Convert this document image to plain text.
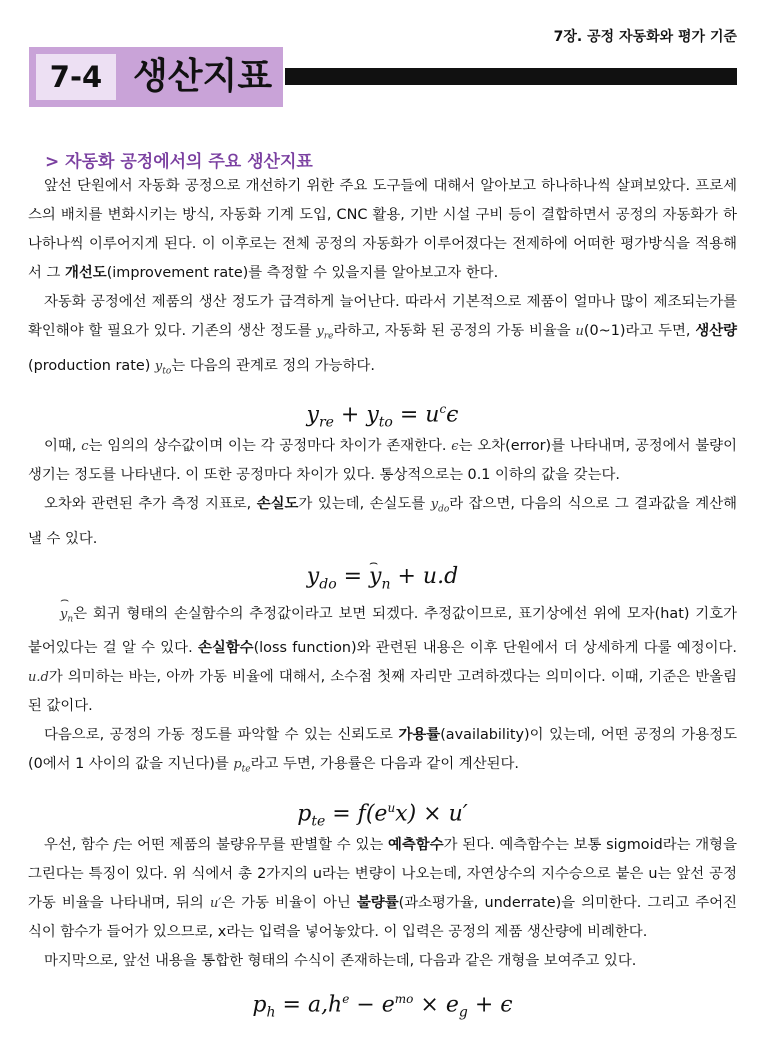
7장. 공정 자동화와 평가 기준
7-4 생산지표
> 자동화 공정에서의 주요 생산지표

앞선 단원에서 자동화 공정으로 개선하기 위한 주요 도구들에 대해서 알아보고 하나하나씩 살펴보았다. 프로세스의 배치를 변화시키는 방식, 자동화 기계 도입, CNC 활용, 기반 시설 구비 등이 결합하면서 공정의 자동화가 하나하나씩 이루어지게 된다. 이 이후로는 전체 공정의 자동화가 이루어졌다는 전제하에 어떠한 평가방식을 적용해서 그 개선도(improvement rate)를 측정할 수 있을지를 알아보고자 한다.

자동화 공정에선 제품의 생산 정도가 급격하게 늘어난다. 따라서 기본적으로 제품이 얼마나 많이 제조되는가를 확인해야 할 필요가 있다. 기존의 생산 정도를 $y_{re}$라하고, 자동화 된 공정의 가동 비율을 u(0~1)라고 두면, 생산량(production rate) $y_{to}$는 다음의 관계로 정의 가능하다.

$y_{re} + y_{to} = u^c\epsilon$

이때, c는 임의의 상수값이며 이는 각 공정마다 차이가 존재한다. ϵ는 오차(error)를 나타내며, 공정에서 불량이 생기는 정도를 나타낸다. 이 또한 공정마다 차이가 있다. 통상적으로는 0.1 이하의 값을 갖는다.

오차와 관련된 추가 측정 지표로, 손실도가 있는데, 손실도를 $y_{do}$라 잡으면, 다음의 식으로 그 결과값을 계산해낼 수 있다.

$y_{do}$ = ⌢ $y_n + u.d$

⌢ $y_n$은 회귀 형태의 손실함수의 추정값이라고 보면 되겠다. 추정값이므로, 표기상에선 위에 모자(hat) 기호가 붙어있다는 걸 알 수 있다. 손실함수(loss function)와 관련된 내용은 이후 단원에서 더 상세하게 다룰 예정이다. u.d가 의미하는 바는, 아까 가동 비율에 대해서, 소수점 첫째 자리만 고려하겠다는 의미이다. 이때, 기준은 반올림된 값이다.

다음으로, 공정의 가동 정도를 파악할 수 있는 신뢰도로 가용률(availability)이 있는데, 어떤 공정의 가용정도(0에서 1 사이의 값을 지닌다)를 $p_{te}$라고 두면, 가용률은 다음과 같이 계산된다.

$p_{te} = f(e^ux) \times u'$

우선, 함수 f는 어떤 제품의 불량유무를 판별할 수 있는 예측함수가 된다. 예측함수는 보통 sigmoid라는 개형을 그린다는 특징이 있다. 위 식에서 총 2가지의 u라는 변량이 나오는데, 자연상수의 지수승으로 붙은 u는 앞선 공정 가동 비율을 나타내며, 뒤의 u′은 가동 비율이 아닌 불량률(과소평가율, underrate)을 의미한다. 그리고 주어진 식이 함수가 들어가 있으므로, x라는 입력을 넣어놓았다. 이 입력은 공정의 제품 생산량에 비례한다.

마지막으로, 앞선 내용을 통합한 형태의 수식이 존재하는데, 다음과 같은 개형을 보여주고 있다.

$p_h = a,h^e - e^{mo} \times e_g + \epsilon$
